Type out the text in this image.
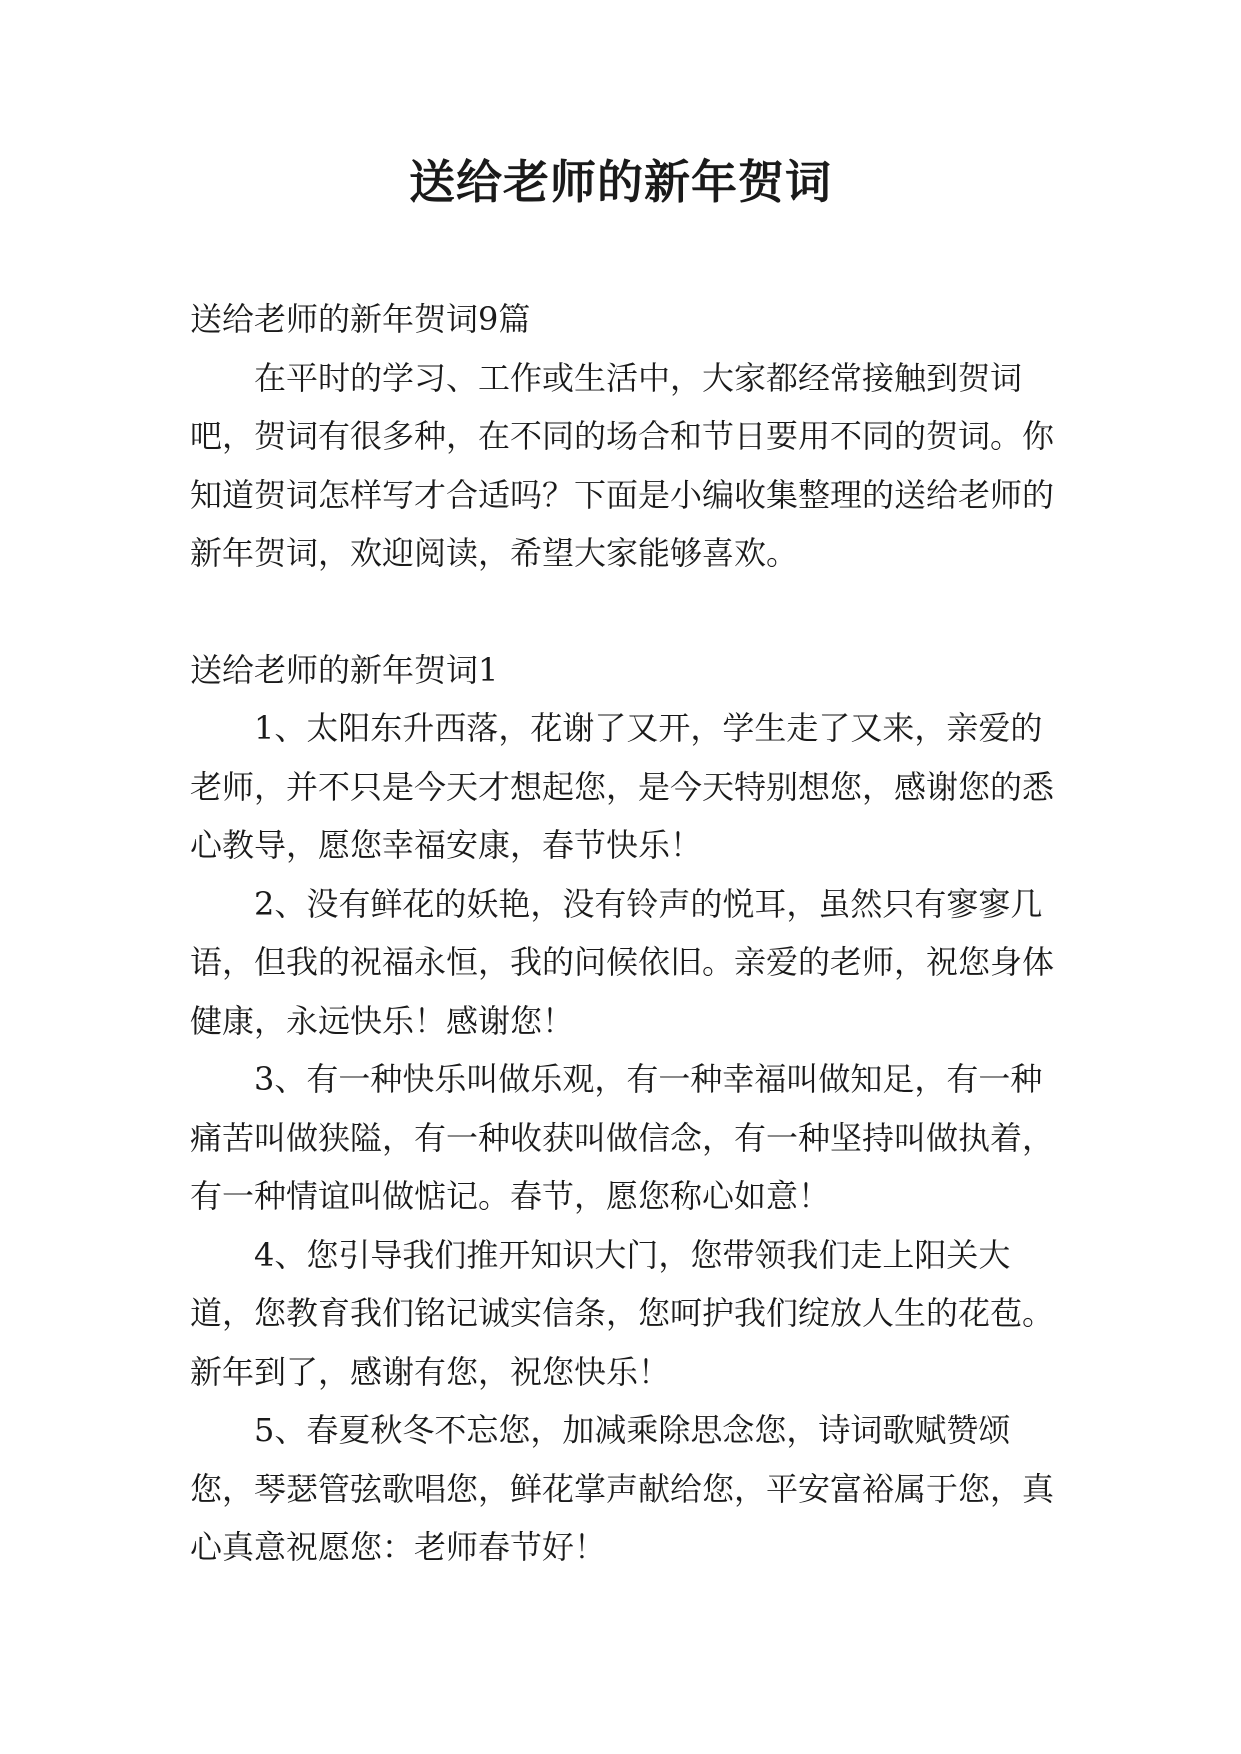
送给老师的新年贺词

送给老师的新年贺词9篇

在平时的学习、工作或生活中，大家都经常接触到贺词吧，贺词有很多种，在不同的场合和节日要用不同的贺词。你知道贺词怎样写才合适吗？下面是小编收集整理的送给老师的新年贺词，欢迎阅读，希望大家能够喜欢。

送给老师的新年贺词1

1、太阳东升西落，花谢了又开，学生走了又来，亲爱的老师，并不只是今天才想起您，是今天特别想您，感谢您的悉心教导，愿您幸福安康，春节快乐！

2、没有鲜花的妖艳，没有铃声的悦耳，虽然只有寥寥几语，但我的祝福永恒，我的问候依旧。亲爱的老师，祝您身体健康，永远快乐！感谢您！

3、有一种快乐叫做乐观，有一种幸福叫做知足，有一种痛苦叫做狭隘，有一种收获叫做信念，有一种坚持叫做执着，有一种情谊叫做惦记。春节，愿您称心如意！

4、您引导我们推开知识大门，您带领我们走上阳关大道，您教育我们铭记诚实信条，您呵护我们绽放人生的花苞。新年到了，感谢有您，祝您快乐！

5、春夏秋冬不忘您，加减乘除思念您，诗词歌赋赞颂您，琴瑟管弦歌唱您，鲜花掌声献给您，平安富裕属于您，真心真意祝愿您：老师春节好！
